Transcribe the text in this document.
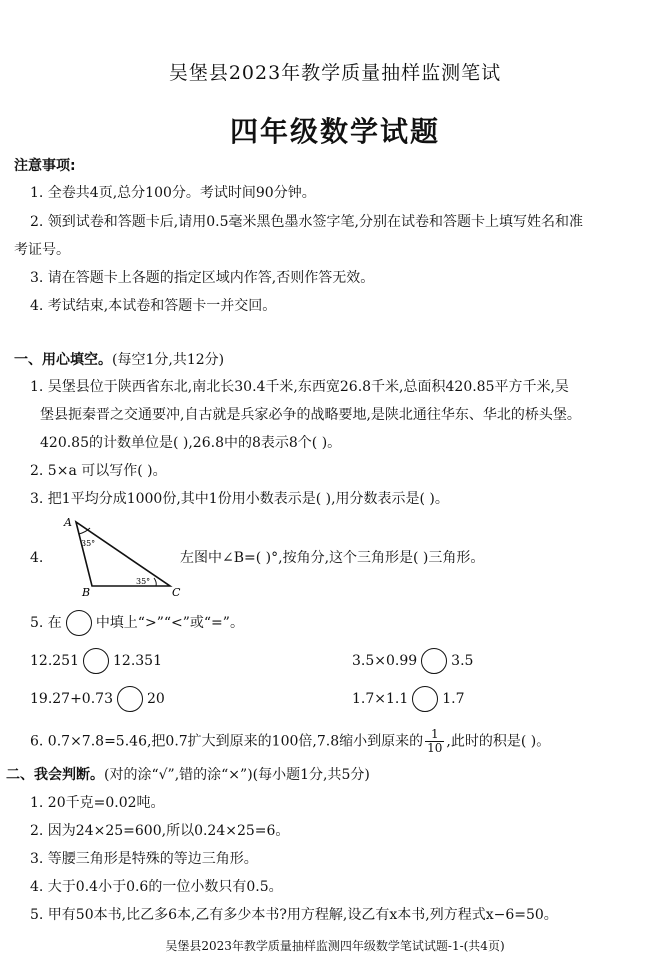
吴堡县2023年教学质量抽样监测笔试
四年级数学试题
注意事项:
1. 全卷共4页,总分100分。考试时间90分钟。
2. 领到试卷和答题卡后,请用0.5毫米黑色墨水签字笔,分别在试卷和答题卡上填写姓名和准
考证号。
3. 请在答题卡上各题的指定区域内作答,否则作答无效。
4. 考试结束,本试卷和答题卡一并交回。
一、用心填空。(每空1分,共12分)
1. 吴堡县位于陕西省东北,南北长30.4千米,东西宽26.8千米,总面积420.85平方千米,吴
堡县扼秦晋之交通要冲,自古就是兵家必争的战略要地,是陕北通往华东、华北的桥头堡。
420.85的计数单位是( ),26.8中的8表示8个( )。
2. 5×a 可以写作( )。
3. 把1平均分成1000份,其中1份用小数表示是( ),用分数表示是( )。
4.
A
B	C
35°
35°
左图中∠B=( )°,按角分,这个三角形是( )三角形。
5. 在 中填上“>”“<”或“=”。
12.251 12.351	3.5×0.99 3.5
19.27+0.73 20	1.7×1.1 1.7
6. 0.7×7.8=5.46,把0.7扩大到原来的100倍,7.8缩小到原来的 $\frac{1}{10}$ ,此时的积是( )。
二、我会判断。(对的涂“√”,错的涂“×”)(每小题1分,共5分)
1. 20千克=0.02吨。
2. 因为24×25=600,所以0.24×25=6。
3. 等腰三角形是特殊的等边三角形。
4. 大于0.4小于0.6的一位小数只有0.5。
5. 甲有50本书,比乙多6本,乙有多少本书?用方程解,设乙有x本书,列方程式x−6=50。
吴堡县2023年教学质量抽样监测四年级数学笔试试题-1-(共4页)
